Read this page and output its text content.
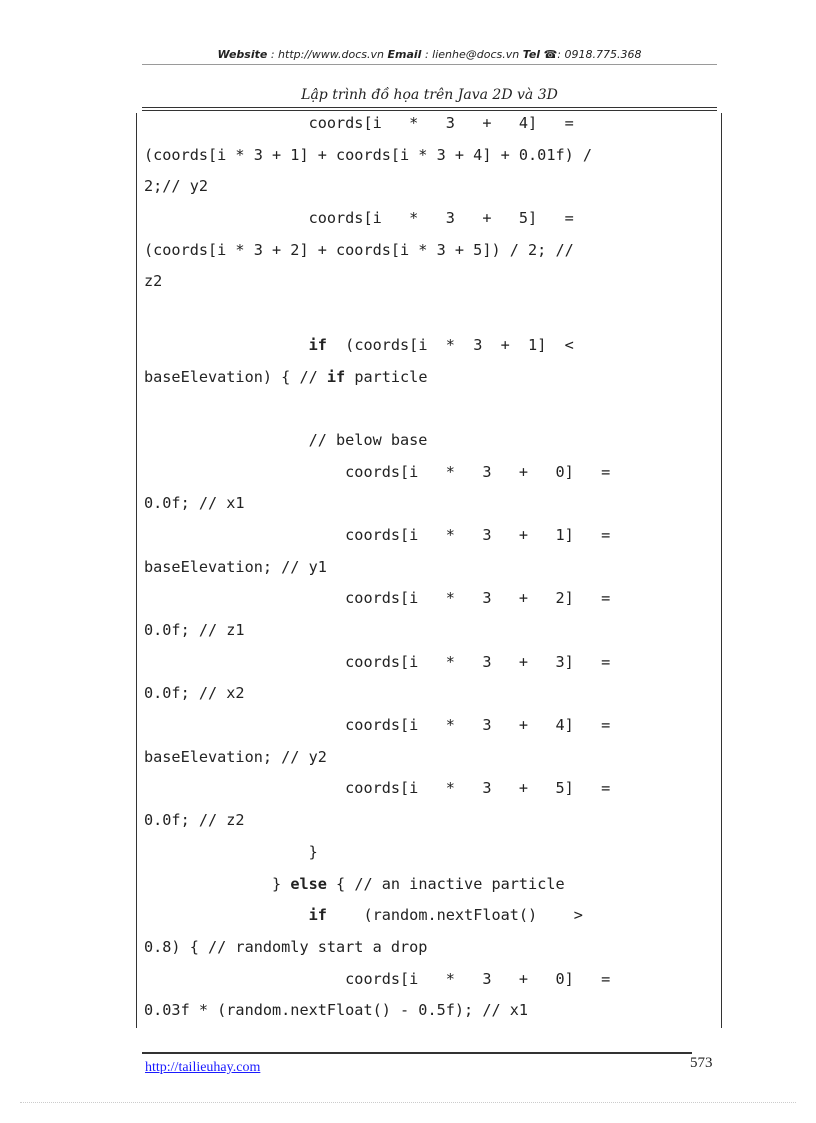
Website : http://www.docs.vn Email : lienhe@docs.vn Tel ☎: 0918.775.368
Lập trình đồ họa trên Java 2D và 3D
coords[i   *   3   +   4]   =
(coords[i * 3 + 1] + coords[i * 3 + 4] + 0.01f) /
2;// y2
coords[i   *   3   +   5]   =
(coords[i * 3 + 2] + coords[i * 3 + 5]) / 2; //
z2

if  (coords[i  *  3  +  1]  <
baseElevation) { // if particle

// below base
coords[i   *   3   +   0]   =
0.0f; // x1
coords[i   *   3   +   1]   =
baseElevation; // y1
coords[i   *   3   +   2]   =
0.0f; // z1
coords[i   *   3   +   3]   =
0.0f; // x2
coords[i   *   3   +   4]   =
baseElevation; // y2
coords[i   *   3   +   5]   =
0.0f; // z2
}
} else { // an inactive particle
if    (random.nextFloat()    >
0.8) { // randomly start a drop
coords[i   *   3   +   0]   =
0.03f * (random.nextFloat() - 0.5f); // x1
http://tailieuhay.com	573
